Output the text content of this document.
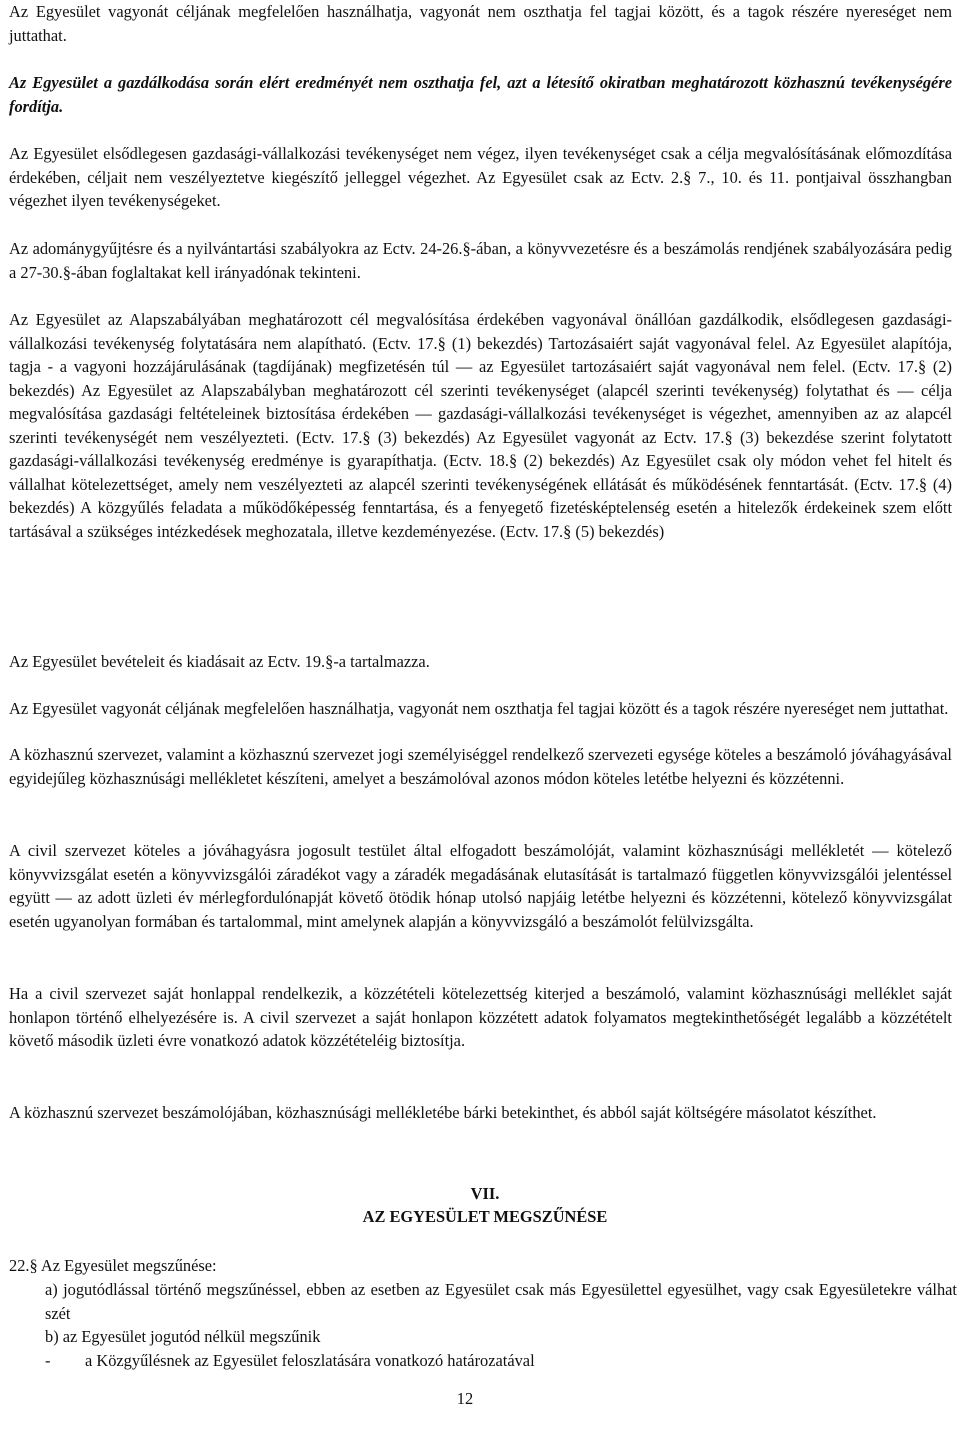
Az Egyesület vagyonát céljának megfelelően használhatja, vagyonát nem oszthatja fel tagjai között, és a tagok részére nyereséget nem juttathat.

Az Egyesület a gazdálkodása során elért eredményét nem oszthatja fel, azt a létesítő okiratban meghatározott közhasznú tevékenységére fordítja.

Az Egyesület elsődlegesen gazdasági-vállalkozási tevékenységet nem végez, ilyen tevékenységet csak a célja megvalósításának előmozdítása érdekében, céljait nem veszélyeztetve kiegészítő jelleggel végezhet. Az Egyesület csak az Ectv. 2.§ 7., 10. és 11. pontjaival összhangban végezhet ilyen tevékenységeket.

Az adománygyűjtésre és a nyilvántartási szabályokra az Ectv. 24-26.§-ában, a könyvvezetésre és a beszámolás rendjének szabályozására pedig a 27-30.§-ában foglaltakat kell irányadónak tekinteni.

Az Egyesület az Alapszabályában meghatározott cél megvalósítása érdekében vagyonával önállóan gazdálkodik, elsődlegesen gazdasági-vállalkozási tevékenység folytatására nem alapítható. (Ectv. 17.§ (1) bekezdés) Tartozásaiért saját vagyonával felel. Az Egyesület alapítója, tagja - a vagyoni hozzájárulásának (tagdíjának) megfizetésén túl — az Egyesület tartozásaiért saját vagyonával nem felel. (Ectv. 17.§ (2) bekezdés) Az Egyesület az Alapszabályban meghatározott cél szerinti tevékenységet (alapcél szerinti tevékenység) folytathat és — célja megvalósítása gazdasági feltételeinek biztosítása érdekében — gazdasági-vállalkozási tevékenységet is végezhet, amennyiben az az alapcél szerinti tevékenységét nem veszélyezteti. (Ectv. 17.§ (3) bekezdés) Az Egyesület vagyonát az Ectv. 17.§ (3) bekezdése szerint folytatott gazdasági-vállalkozási tevékenység eredménye is gyarapíthatja. (Ectv. 18.§ (2) bekezdés) Az Egyesület csak oly módon vehet fel hitelt és vállalhat kötelezettséget, amely nem veszélyezteti az alapcél szerinti tevékenységének ellátását és működésének fenntartását. (Ectv. 17.§ (4) bekezdés) A közgyűlés feladata a működőképesség fenntartása, és a fenyegető fizetésképtelenség esetén a hitelezők érdekeinek szem előtt tartásával a szükséges intézkedések meghozatala, illetve kezdeményezése. (Ectv. 17.§ (5) bekezdés)

Az Egyesület bevételeit és kiadásait az Ectv. 19.§-a tartalmazza.

Az Egyesület vagyonát céljának megfelelően használhatja, vagyonát nem oszthatja fel tagjai között és a tagok részére nyereséget nem juttathat.

A közhasznú szervezet, valamint a közhasznú szervezet jogi személyiséggel rendelkező szervezeti egysége köteles a beszámoló jóváhagyásával egyidejűleg közhasznúsági mellékletet készíteni, amelyet a beszámolóval azonos módon köteles letétbe helyezni és közzétenni.

A civil szervezet köteles a jóváhagyásra jogosult testület által elfogadott beszámolóját, valamint közhasznúsági mellékletét — kötelező könyvvizsgálat esetén a könyvvizsgálói záradékot vagy a záradék megadásának elutasítását is tartalmazó független könyvvizsgálói jelentéssel együtt — az adott üzleti év mérlegfordulónapját követő ötödik hónap utolsó napjáig letétbe helyezni és közzétenni, kötelező könyvvizsgálat esetén ugyanolyan formában és tartalommal, mint amelynek alapján a könyvvizsgáló a beszámolót felülvizsgálta.

Ha a civil szervezet saját honlappal rendelkezik, a közzétételi kötelezettség kiterjed a beszámoló, valamint közhasznúsági melléklet saját honlapon történő elhelyezésére is. A civil szervezet a saját honlapon közzétett adatok folyamatos megtekinthetőségét legalább a közzétételt követő második üzleti évre vonatkozó adatok közzétételéig biztosítja.

A közhasznú szervezet beszámolójában, közhasznúsági mellékletébe bárki betekinthet, és abból saját költségére másolatot készíthet.

VII.

AZ EGYESÜLET MEGSZŰNÉSE

22.§ Az Egyesület megszűnése:

a) jogutódlással történő megszűnéssel, ebben az esetben az Egyesület csak más Egyesülettel egyesülhet, vagy csak Egyesületekre válhat szét

b) az Egyesület jogutód nélkül megszűnik

- a Közgyűlésnek az Egyesület feloszlatására vonatkozó határozatával

12
